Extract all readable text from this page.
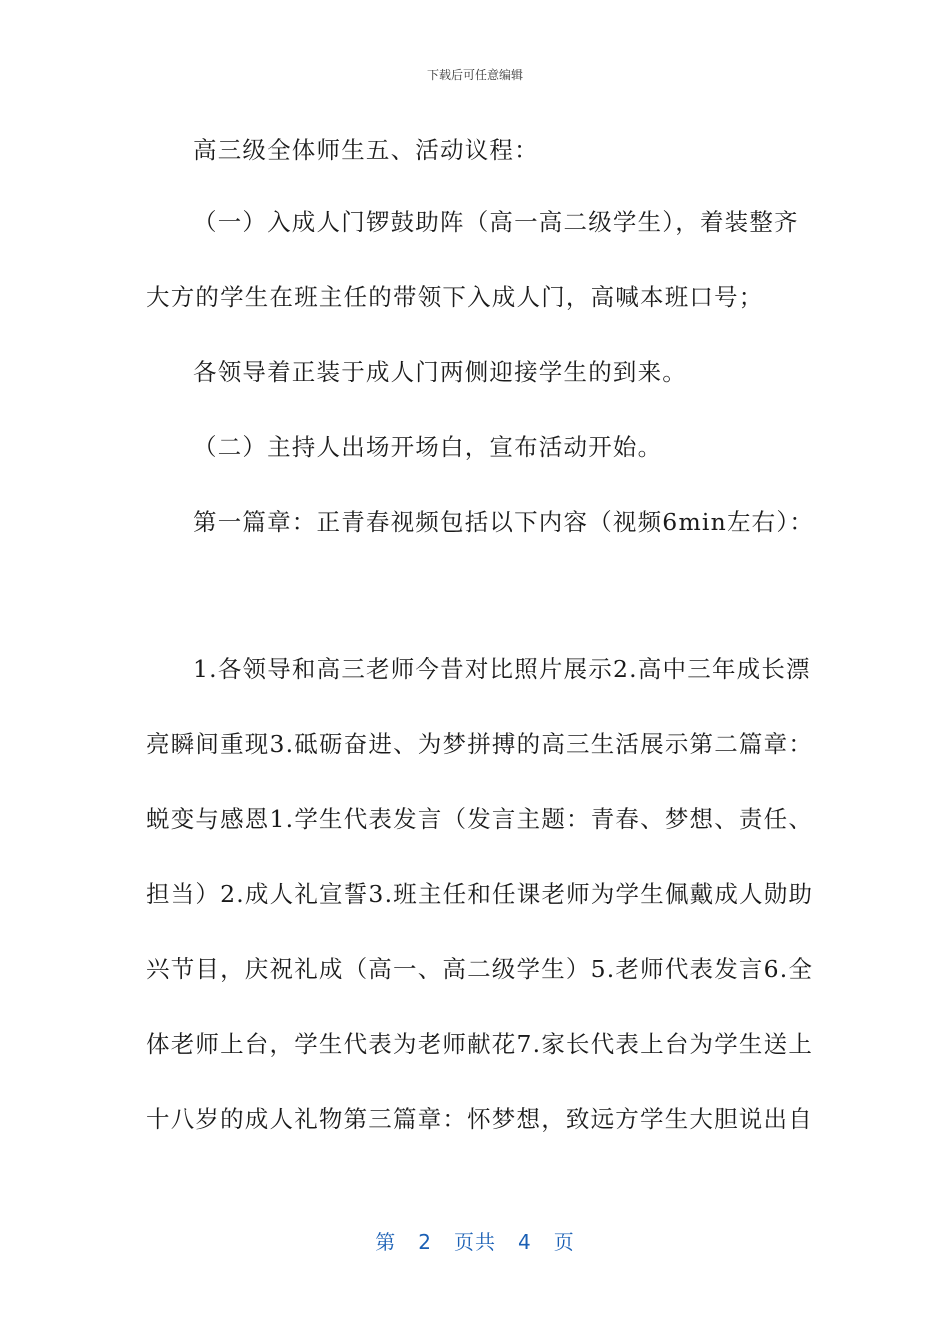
下载后可任意编辑
高三级全体师生五、活动议程：
（一）入成人门锣鼓助阵（高一高二级学生），着装整齐
大方的学生在班主任的带领下入成人门，高喊本班口号；
各领导着正装于成人门两侧迎接学生的到来。
（二）主持人出场开场白，宣布活动开始。
第一篇章：正青春视频包括以下内容（视频6min左右）：
1.各领导和高三老师今昔对比照片展示2.高中三年成长漂
亮瞬间重现3.砥砺奋进、为梦拼搏的高三生活展示第二篇章：
蜕变与感恩1.学生代表发言（发言主题：青春、梦想、责任、
担当）2.成人礼宣誓3.班主任和任课老师为学生佩戴成人勋助
兴节目，庆祝礼成（高一、高二级学生）5.老师代表发言6.全
体老师上台，学生代表为老师献花7.家长代表上台为学生送上
十八岁的成人礼物第三篇章：怀梦想，致远方学生大胆说出自
第 2 页共 4 页
